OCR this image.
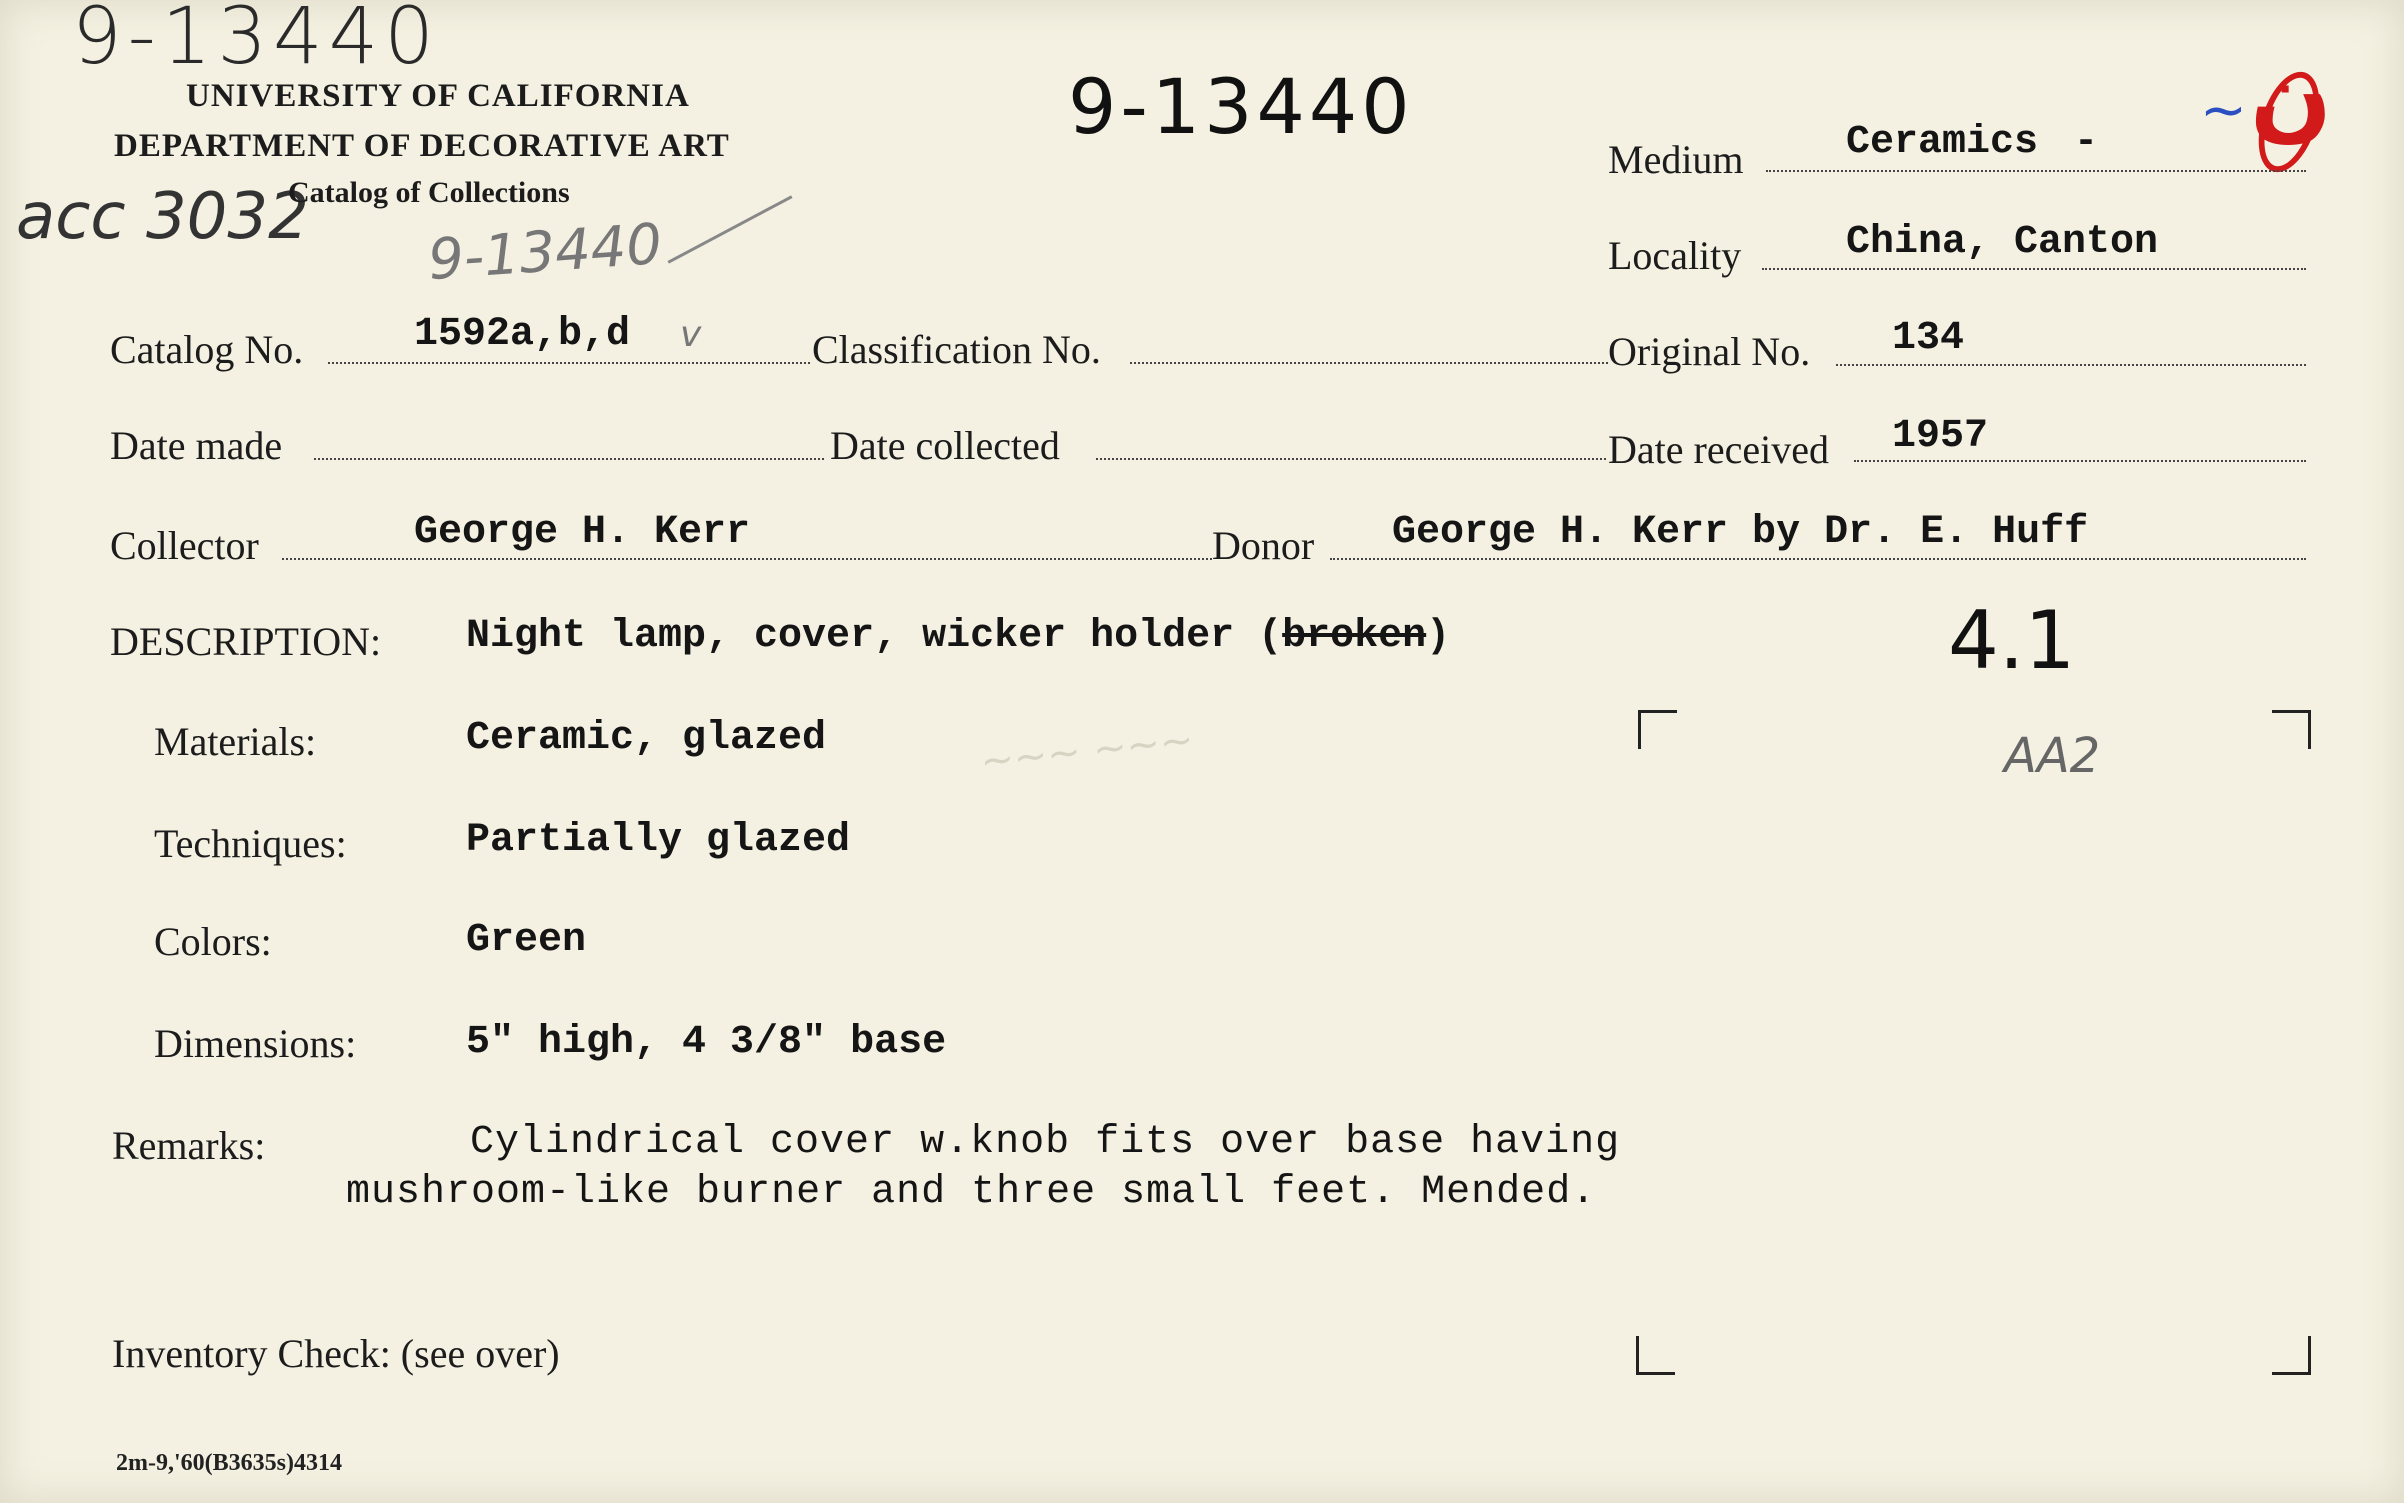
9-13440
9-13440
acc 3032 9-13440
~ ن
4.1
AA2
~~~ ~~~
UNIVERSITY OF CALIFORNIA
DEPARTMENT OF DECORATIVE ART
Catalog of Collections
Medium	Ceramics -
Locality	China, Canton
Catalog No.	1592a,b,d v	Classification No.	Original No. 134
Date made	Date collected	Date received 1957
Collector	George H. Kerr	Donor George H. Kerr by Dr. E. Huff
DESCRIPTION: Night lamp, cover, wicker holder (broken)
Materials:	Ceramic, glazed
Techniques:	Partially glazed
Colors:	Green
Dimensions:	5" high, 4 3/8" base
Remarks:	Cylindrical cover w.knob fits over base having
mushroom-like burner and three small feet. Mended.
Inventory Check: (see over)
2m-9,'60(B3635s)4314
